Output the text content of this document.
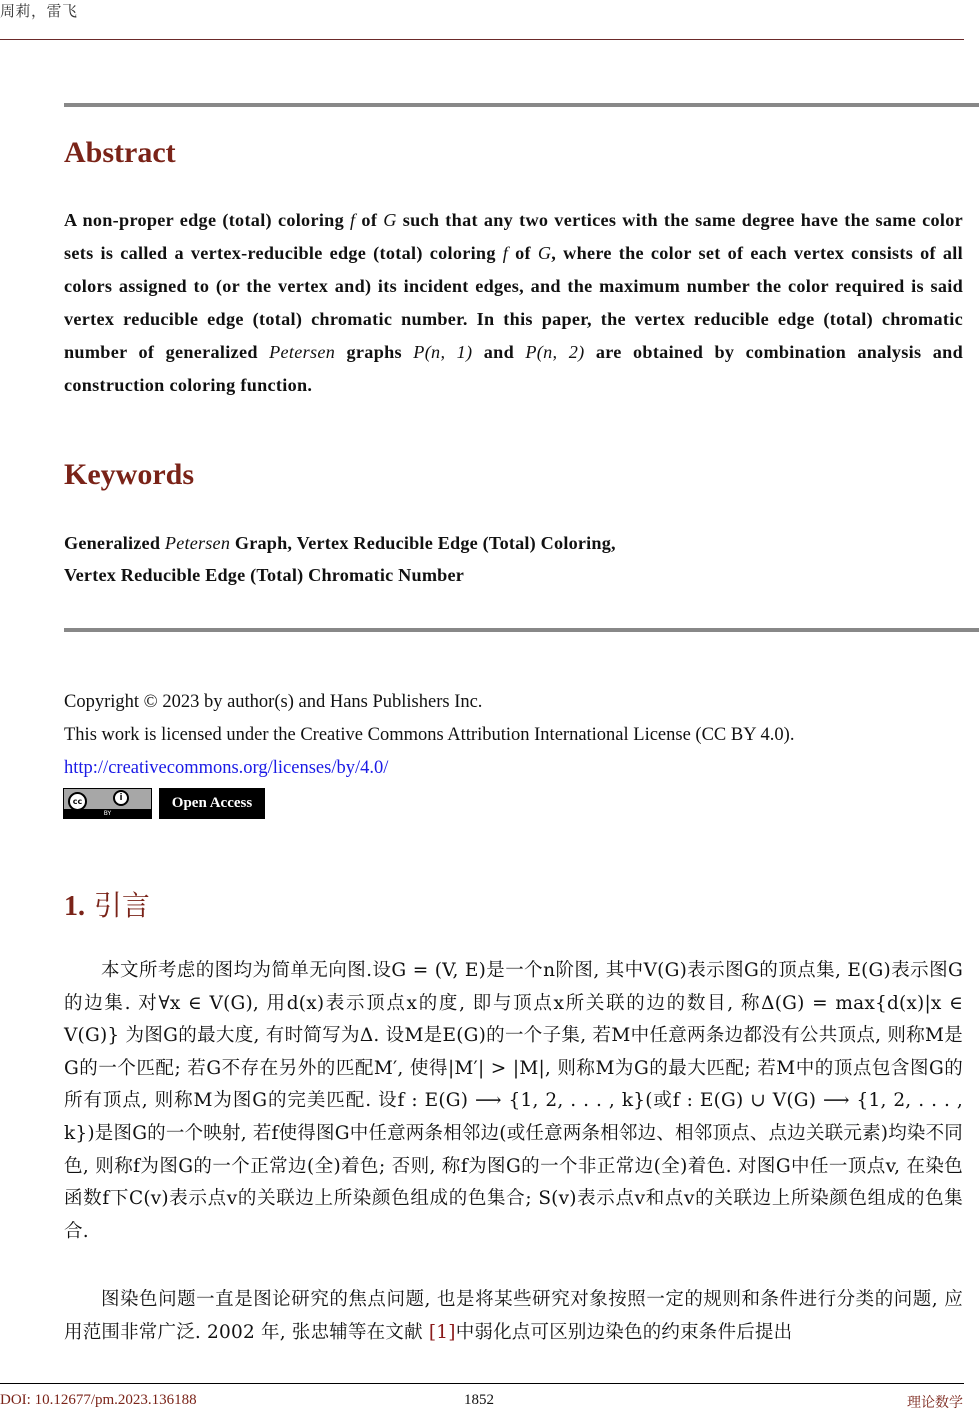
周莉，雷飞
Abstract
A non-proper edge (total) coloring f of G such that any two vertices with the same degree have the same color sets is called a vertex-reducible edge (total) coloring f of G, where the color set of each vertex consists of all colors assigned to (or the vertex and) its incident edges, and the maximum number the color required is said vertex reducible edge (total) chromatic number. In this paper, the vertex reducible edge (total) chromatic number of generalized Petersen graphs P(n, 1) and P(n, 2) are obtained by combination analysis and construction coloring function.
Keywords
Generalized Petersen Graph, Vertex Reducible Edge (Total) Coloring,
Vertex Reducible Edge (Total) Chromatic Number
Copyright © 2023 by author(s) and Hans Publishers Inc.
This work is licensed under the Creative Commons Attribution International License (CC BY 4.0).
http://creativecommons.org/licenses/by/4.0/
cc	i
BY
Open Access
1. 引言
本文所考虑的图均为简单无向图.设G = (V, E)是一个n阶图, 其中V(G)表示图G的顶点集, E(G)表示图G的边集. 对∀x ∈ V(G), 用d(x)表示顶点x的度, 即与顶点x所关联的边的数目, 称Δ(G) = max{d(x)|x ∈ V(G)} 为图G的最大度, 有时简写为Δ. 设M是E(G)的一个子集, 若M中任意两条边都没有公共顶点, 则称M是G的一个匹配; 若G不存在另外的匹配M′, 使得|M′| > |M|, 则称M为G的最大匹配; 若M中的顶点包含图G的所有顶点, 则称M为图G的完美匹配. 设f : E(G) ⟶ {1, 2, . . . , k}(或f : E(G) ∪ V(G) ⟶ {1, 2, . . . , k})是图G的一个映射, 若f使得图G中任意两条相邻边(或任意两条相邻边、相邻顶点、点边关联元素)均染不同色, 则称f为图G的一个正常边(全)着色; 否则, 称f为图G的一个非正常边(全)着色. 对图G中任一顶点v, 在染色函数f下C(v)表示点v的关联边上所染颜色组成的色集合; S(v)表示点v和点v的关联边上所染颜色组成的色集合.
图染色问题一直是图论研究的焦点问题, 也是将某些研究对象按照一定的规则和条件进行分类的问题, 应用范围非常广泛. 2002 年, 张忠辅等在文献 [1]中弱化点可区别边染色的约束条件后提出
DOI: 10.12677/pm.2023.136188	1852	理论数学
